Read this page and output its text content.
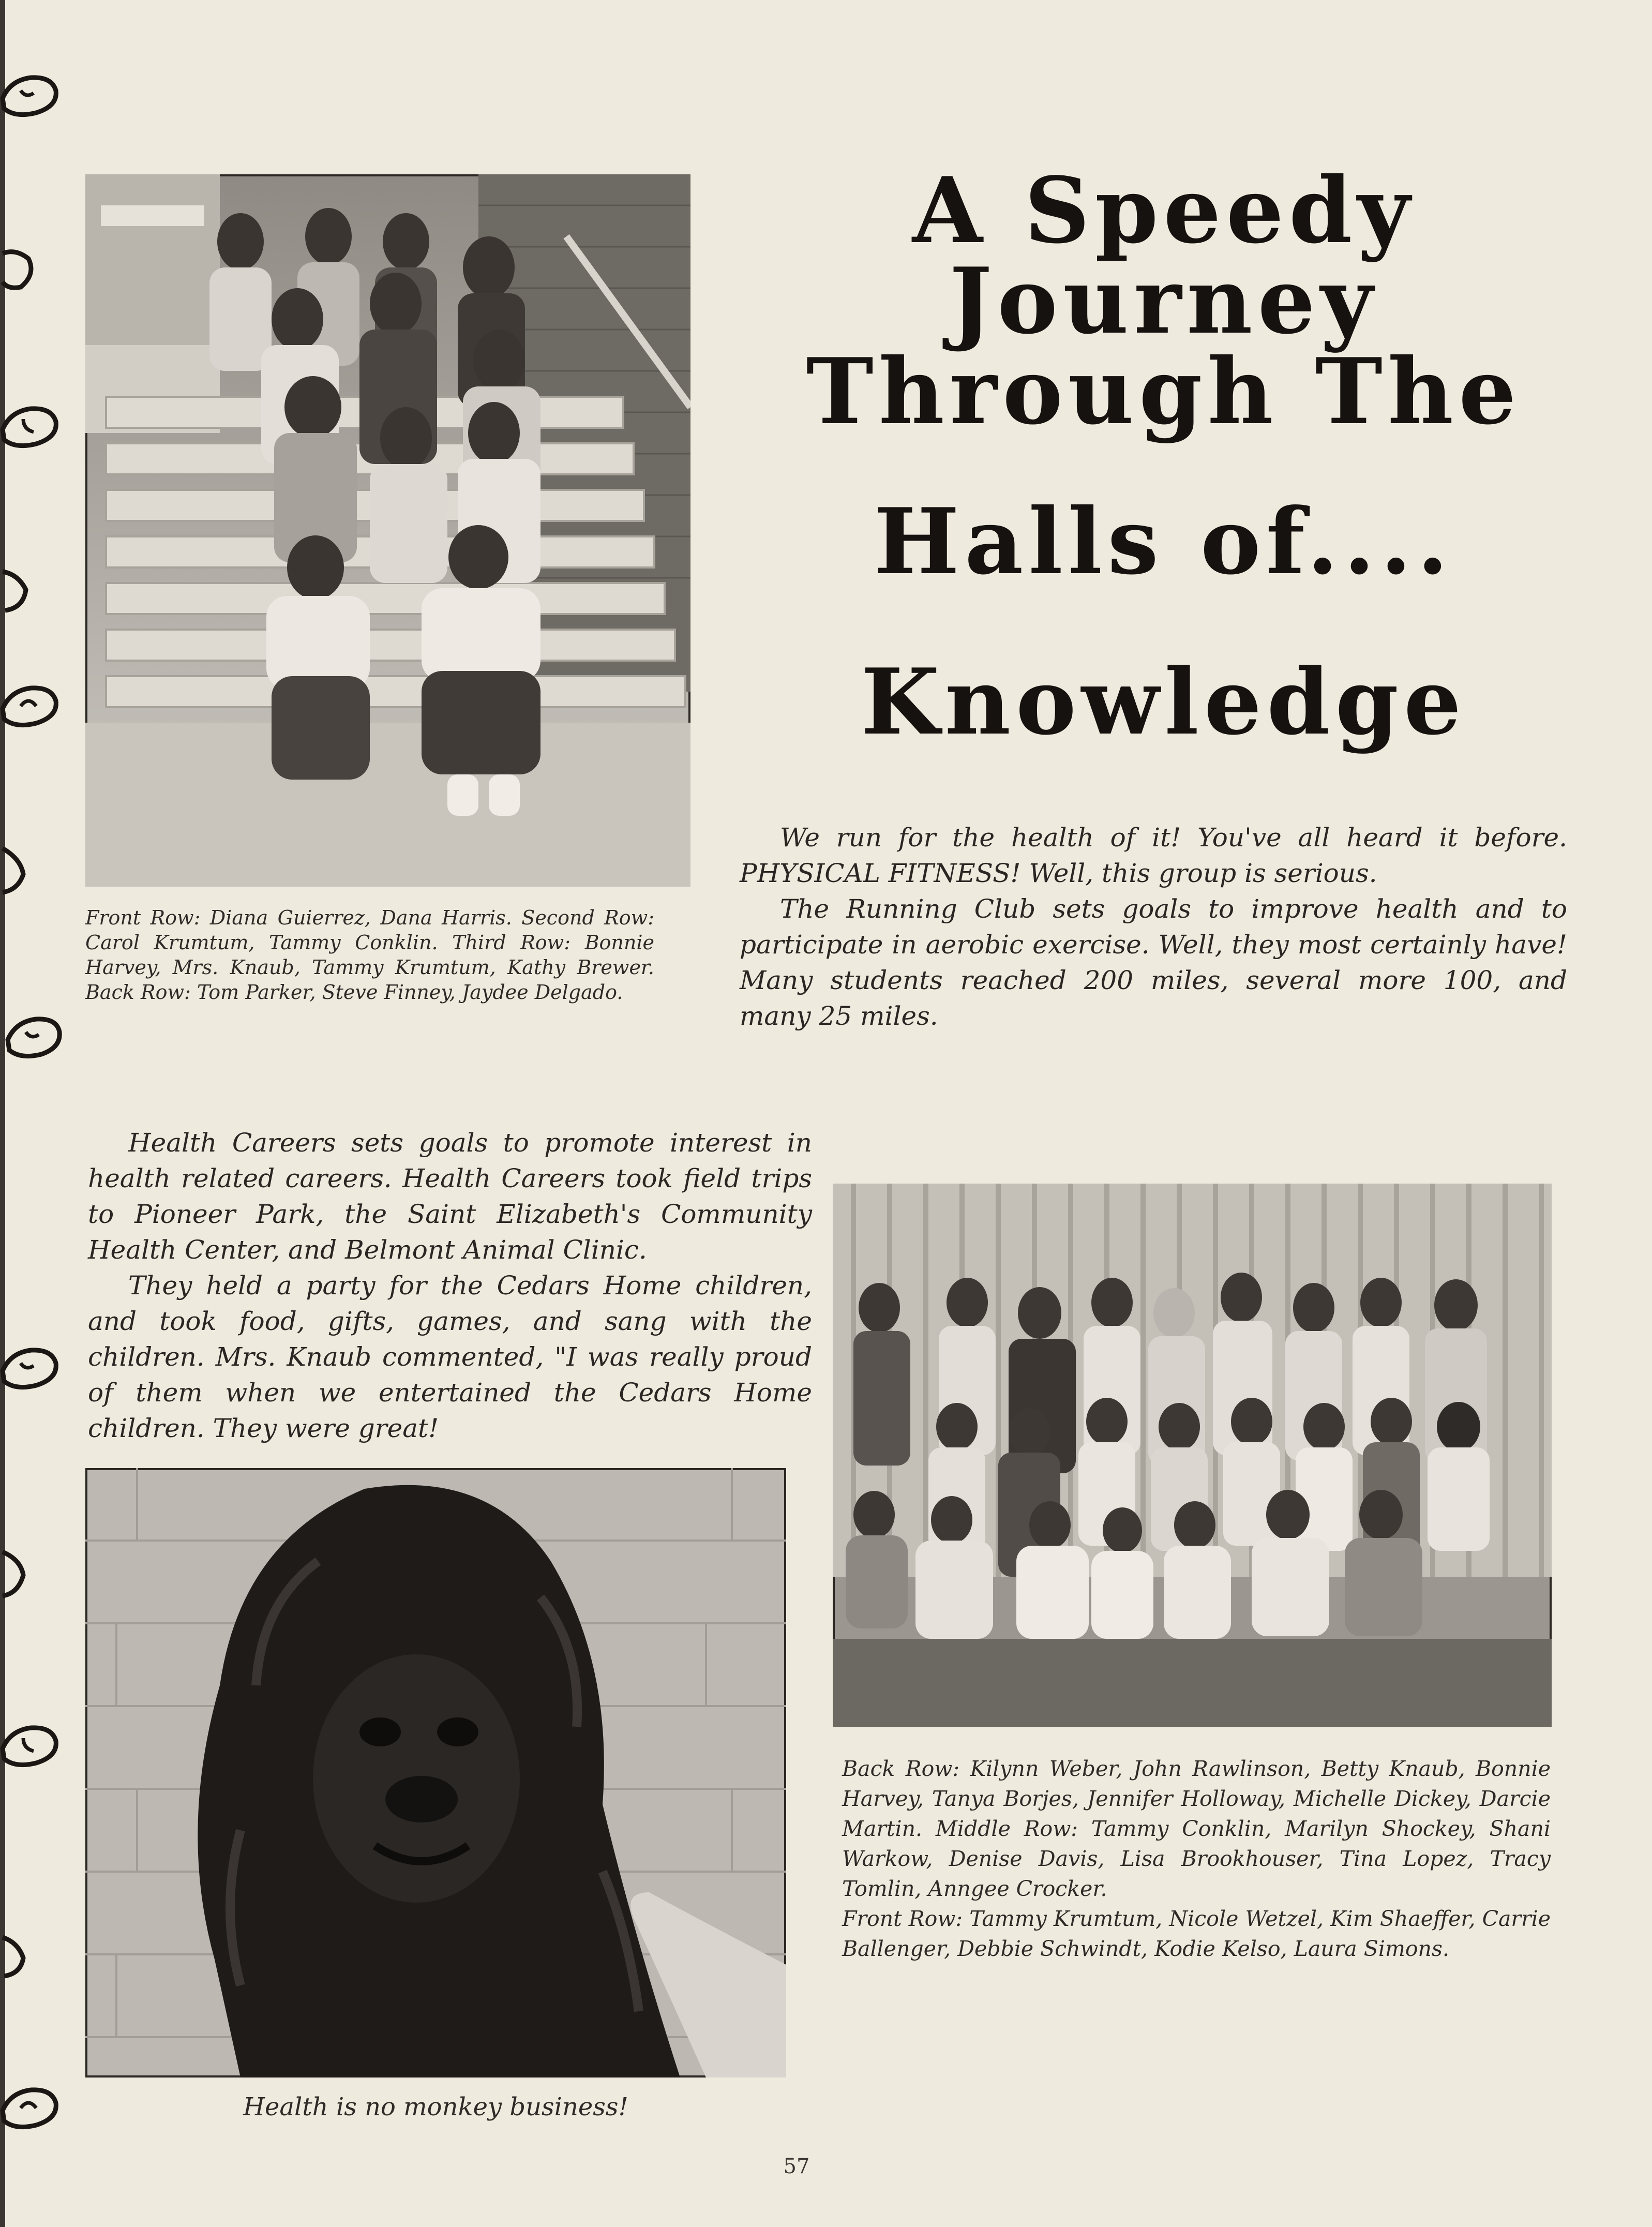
A Speedy Journey
Through The
Halls of....
Knowledge

We run for the health of it! You've all heard it before. PHYSICAL FITNESS! Well, this group is serious.

The Running Club sets goals to improve health and to participate in aerobic exercise. Well, they most certainly have! Many students reached 200 miles, several more 100, and many 25 miles.

Front Row: Diana Guierrez, Dana Harris. Second Row: Carol Krumtum, Tammy Conklin. Third Row: Bonnie Harvey, Mrs. Knaub, Tammy Krumtum, Kathy Brewer. Back Row: Tom Parker, Steve Finney, Jaydee Delgado.

Health Careers sets goals to promote interest in health related careers. Health Careers took field trips to Pioneer Park, the Saint Elizabeth's Community Health Center, and Belmont Animal Clinic.

They held a party for the Cedars Home children, and took food, gifts, games, and sang with the children. Mrs. Knaub commented, "I was really proud of them when we entertained the Cedars Home children. They were great!

Back Row: Kilynn Weber, John Rawlinson, Betty Knaub, Bonnie Harvey, Tanya Borjes, Jennifer Holloway, Michelle Dickey, Darcie Martin. Middle Row: Tammy Conklin, Marilyn Shockey, Shani Warkow, Denise Davis, Lisa Brookhouser, Tina Lopez, Tracy Tomlin, Anngee Crocker.
Front Row: Tammy Krumtum, Nicole Wetzel, Kim Shaeffer, Carrie Ballenger, Debbie Schwindt, Kodie Kelso, Laura Simons.
Health is no monkey business!
57
